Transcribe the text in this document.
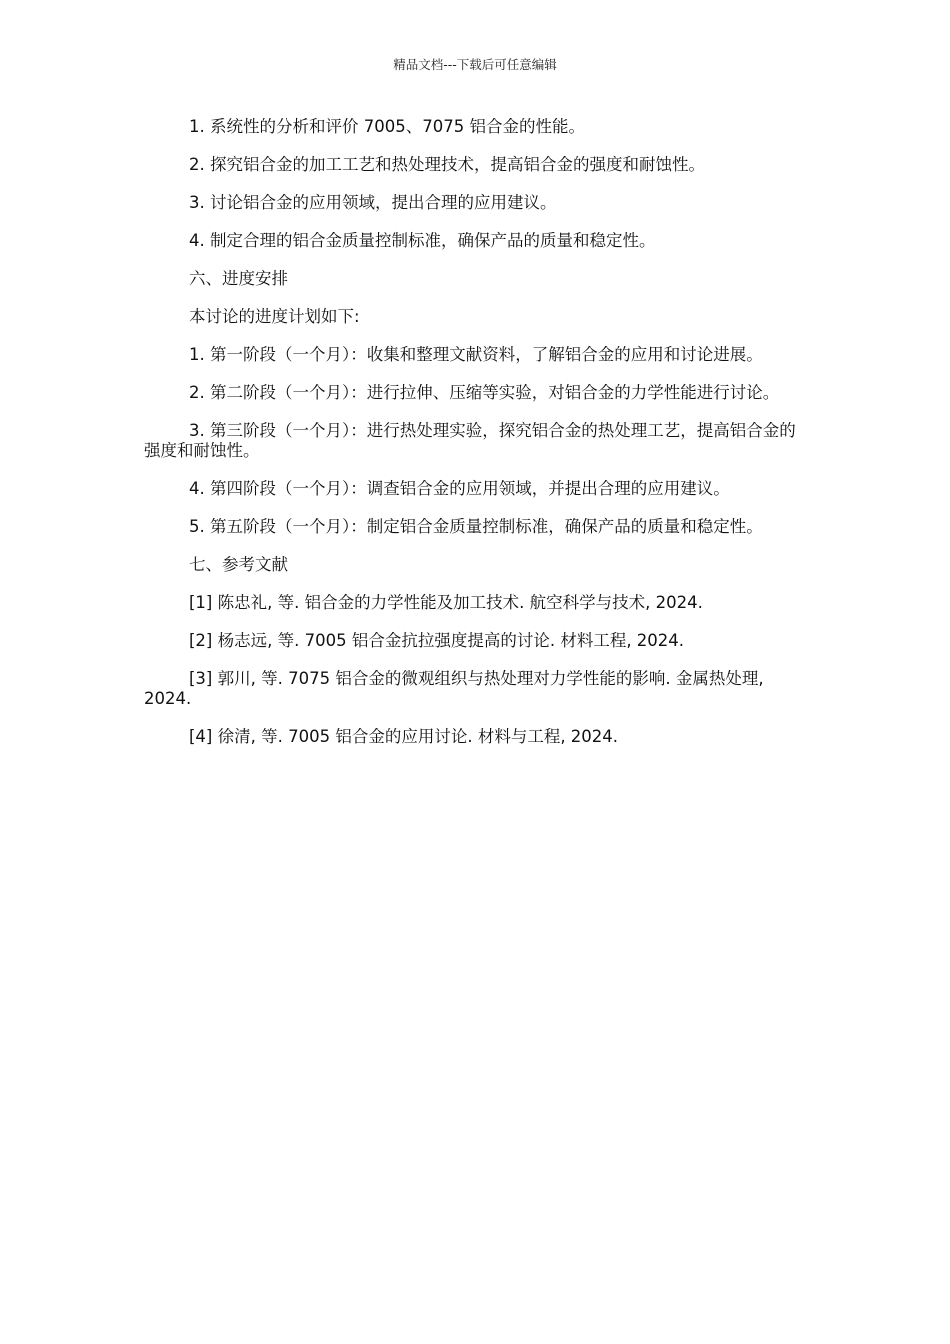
精品文档---下载后可任意编辑

1. 系统性的分析和评价 7005、7075 铝合金的性能。

2. 探究铝合金的加工工艺和热处理技术，提高铝合金的强度和耐蚀性。

3. 讨论铝合金的应用领域，提出合理的应用建议。

4. 制定合理的铝合金质量控制标准，确保产品的质量和稳定性。

六、进度安排

本讨论的进度计划如下:

1. 第一阶段（一个月）：收集和整理文献资料，了解铝合金的应用和讨论进展。

2. 第二阶段（一个月）：进行拉伸、压缩等实验，对铝合金的力学性能进行讨论。

3. 第三阶段（一个月）：进行热处理实验，探究铝合金的热处理工艺，提高铝合金的强度和耐蚀性。

4. 第四阶段（一个月）：调查铝合金的应用领域，并提出合理的应用建议。

5. 第五阶段（一个月）：制定铝合金质量控制标准，确保产品的质量和稳定性。

七、参考文献

[1] 陈忠礼, 等. 铝合金的力学性能及加工技术. 航空科学与技术, 2024.

[2] 杨志远, 等. 7005 铝合金抗拉强度提高的讨论. 材料工程, 2024.

[3] 郭川, 等. 7075 铝合金的微观组织与热处理对力学性能的影响. 金属热处理, 2024.

[4] 徐清, 等. 7005 铝合金的应用讨论. 材料与工程, 2024.
